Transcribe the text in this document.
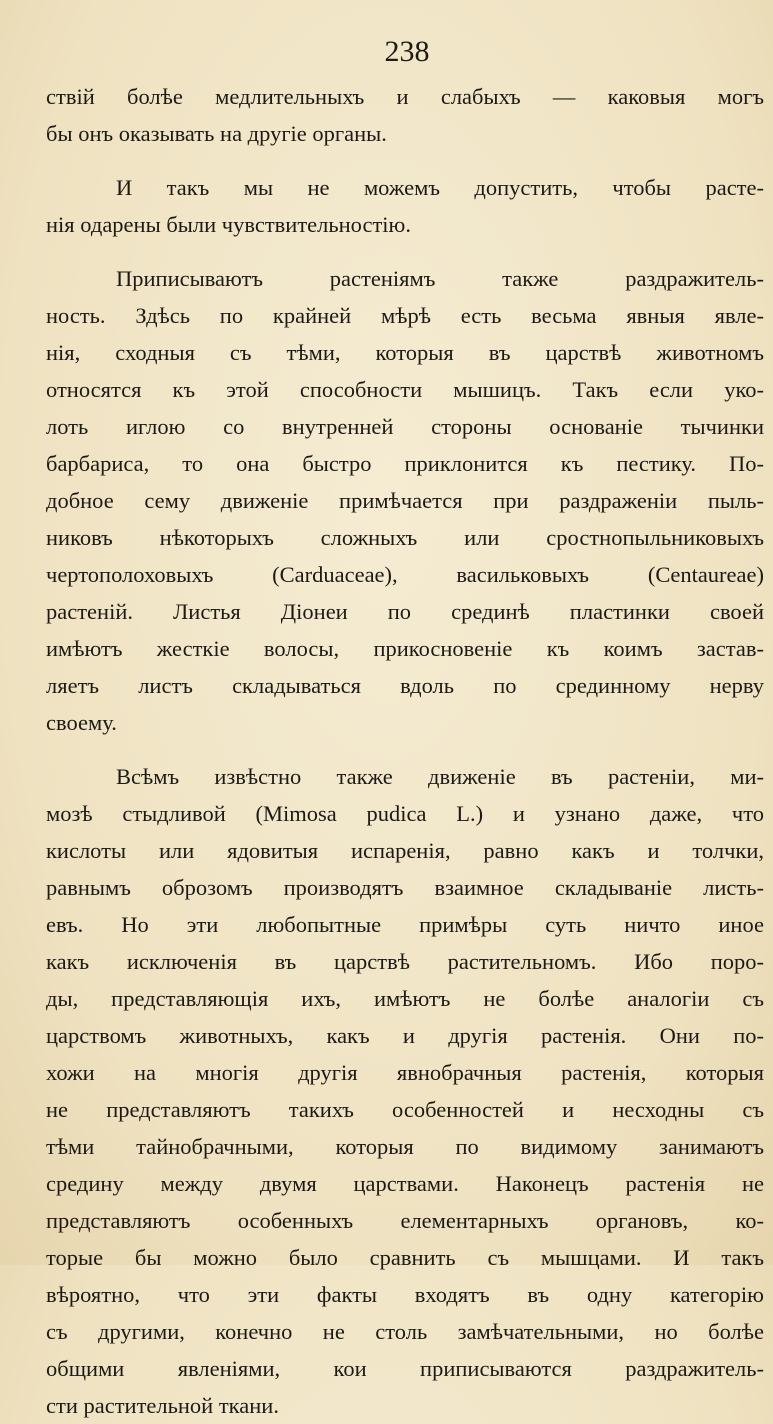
238
ствій болѣе медлительныхъ и слабыхъ — каковыя могъ
бы онъ оказывать на другіе органы.
И такъ мы не можемъ допустить, чтобы расте-
нія одарены были чувствительностію.
Приписываютъ растеніямъ также раздражитель-
ность. Здѣсь по крайней мѣрѣ есть весьма явныя явле-
нія, сходныя съ тѣми, которыя въ царствѣ животномъ
относятся къ этой способности мышицъ. Такъ если уко-
лоть иглою со внутренней стороны основаніе тычинки
барбариса, то она быстро приклонится къ пестику. По-
добное сему движеніе примѣчается при раздраженіи пыль-
никовъ нѣкоторыхъ сложныхъ или сростнопыльниковыхъ
чертополоховыхъ (Carduaceae), васильковыхъ (Centaureae)
растеній. Листья Діонеи по срединѣ пластинки своей
имѣютъ жесткіе волосы, прикосновеніе къ коимъ застав-
ляетъ листъ складываться вдоль по срединному нерву
своему.
Всѣмъ извѣстно также движеніе въ растеніи, ми-
мозѣ стыдливой (Mimosa pudica L.) и узнано даже, что
кислоты или ядовитыя испаренія, равно какъ и толчки,
равнымъ оброзомъ производятъ взаимное складываніе листь-
евъ. Но эти любопытные примѣры суть ничто иное
какъ исключенія въ царствѣ растительномъ. Ибо поро-
ды, представляющія ихъ, имѣютъ не болѣе аналогіи съ
царствомъ животныхъ, какъ и другія растенія. Они по-
хожи на многія другія явнобрачныя растенія, которыя
не представляютъ такихъ особенностей и несходны съ
тѣми тайнобрачными, которыя по видимому занимаютъ
средину между двумя царствами. Наконецъ растенія не
представляютъ особенныхъ елементарныхъ органовъ, ко-
торые бы можно было сравнить съ мышцами. И такъ
вѣроятно, что эти факты входятъ въ одну категорію
съ другими, конечно не столь замѣчательными, но болѣе
общими явленіями, кои приписываются раздражитель-
сти растительной ткани.
